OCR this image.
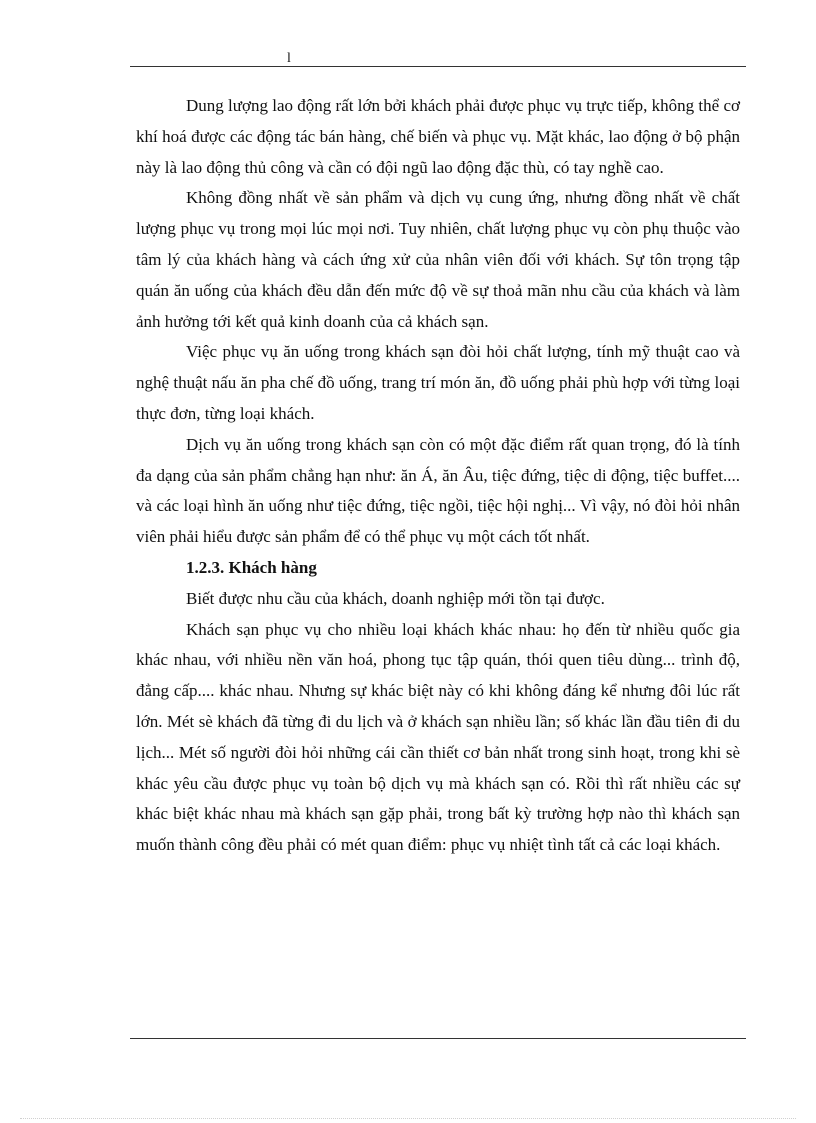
l

Dung lượng lao động rất lớn bởi khách phải được phục vụ trực tiếp, không thể cơ khí hoá được các động tác bán hàng, chế biến và phục vụ. Mặt khác, lao động ở bộ phận này là lao động thủ công và cần có đội ngũ lao động đặc thù, có tay nghề cao.

Không đồng nhất về sản phẩm và dịch vụ cung ứng, nhưng đồng nhất về chất lượng phục vụ trong mọi lúc mọi nơi. Tuy nhiên, chất lượng phục vụ còn phụ thuộc vào tâm lý của khách hàng và cách ứng xử của nhân viên đối với khách. Sự tôn trọng tập quán ăn uống của khách đều dẫn đến mức độ về sự thoả mãn nhu cầu của khách và làm ảnh hưởng tới kết quả kinh doanh của cả khách sạn.

Việc phục vụ ăn uống trong khách sạn đòi hỏi chất lượng, tính mỹ thuật cao và nghệ thuật nấu ăn pha chế đồ uống, trang trí món ăn, đồ uống phải phù hợp với từng loại thực đơn, từng loại khách.

Dịch vụ ăn uống trong khách sạn còn có một đặc điểm rất quan trọng, đó là tính đa dạng của sản phẩm chẳng hạn như: ăn Á, ăn Âu, tiệc đứng, tiệc di động, tiệc buffet.... và các loại hình ăn uống như tiệc đứng, tiệc ngồi, tiệc hội nghị... Vì vậy, nó đòi hỏi nhân viên phải hiểu được sản phẩm để có thể phục vụ một cách tốt nhất.

1.2.3. Khách hàng

Biết được nhu cầu của khách, doanh nghiệp mới tồn tại được.

Khách sạn phục vụ cho nhiều loại khách khác nhau: họ đến từ nhiều quốc gia khác nhau, với nhiều nền văn hoá, phong tục tập quán, thói quen tiêu dùng... trình độ, đẳng cấp.... khác nhau. Nhưng sự khác biệt này có khi không đáng kể nhưng đôi lúc rất lớn. Mét sè khách đã từng đi du lịch và ở khách sạn nhiều lần; số khác lần đầu tiên đi du lịch... Mét số người đòi hỏi những cái cần thiết cơ bản nhất trong sinh hoạt, trong khi sè khác yêu cầu được phục vụ toàn bộ dịch vụ mà khách sạn có. Rồi thì rất nhiều các sự khác biệt khác nhau mà khách sạn gặp phải, trong bất kỳ trường hợp nào thì khách sạn muốn thành công đều phải có mét quan điểm: phục vụ nhiệt tình tất cả các loại khách.
